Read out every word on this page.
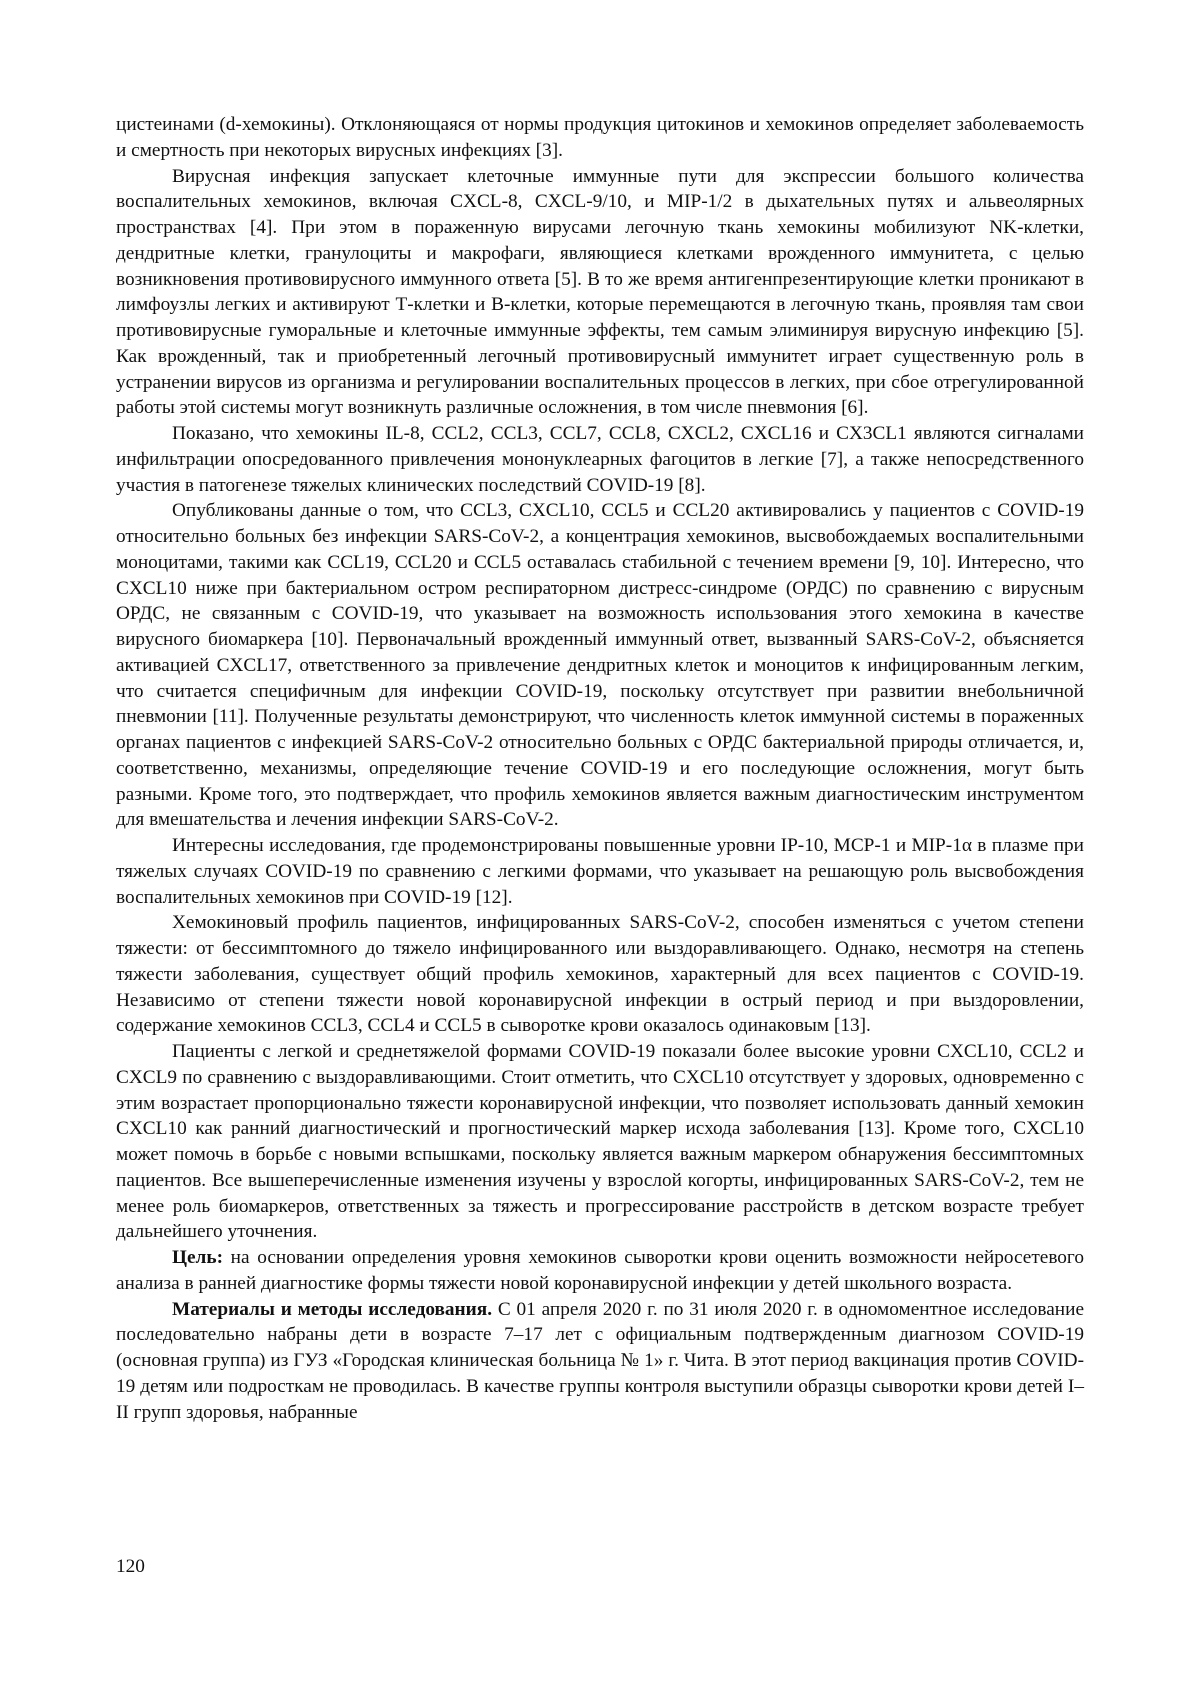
цистеинами (d-хемокины). Отклоняющаяся от нормы продукция цитокинов и хемокинов определяет заболеваемость и смертность при некоторых вирусных инфекциях [3].

Вирусная инфекция запускает клеточные иммунные пути для экспрессии большого количества воспалительных хемокинов, включая CXCL-8, CXCL-9/10, и MIP-1/2 в дыхательных путях и альвеолярных пространствах [4]. При этом в пораженную вирусами легочную ткань хемокины мобилизуют NK-клетки, дендритные клетки, гранулоциты и макрофаги, являющиеся клетками врожденного иммунитета, с целью возникновения противовирусного иммунного ответа [5]. В то же время антигенпрезентирующие клетки проникают в лимфоузлы легких и активируют Т-клетки и В-клетки, которые перемещаются в легочную ткань, проявляя там свои противовирусные гуморальные и клеточные иммунные эффекты, тем самым элиминируя вирусную инфекцию [5]. Как врожденный, так и приобретенный легочный противовирусный иммунитет играет существенную роль в устранении вирусов из организма и регулировании воспалительных процессов в легких, при сбое отрегулированной работы этой системы могут возникнуть различные осложнения, в том числе пневмония [6].

Показано, что хемокины IL-8, CCL2, CCL3, CCL7, CCL8, CXCL2, CXCL16 и CX3CL1 являются сигналами инфильтрации опосредованного привлечения мононуклеарных фагоцитов в легкие [7], а также непосредственного участия в патогенезе тяжелых клинических последствий COVID-19 [8].

Опубликованы данные о том, что CCL3, CXCL10, CCL5 и CCL20 активировались у пациентов с COVID-19 относительно больных без инфекции SARS-CoV-2, а концентрация хемокинов, высвобождаемых воспалительными моноцитами, такими как CCL19, CCL20 и CCL5 оставалась стабильной с течением времени [9, 10]. Интересно, что CXCL10 ниже при бактериальном остром респираторном дистресс-синдроме (ОРДС) по сравнению с вирусным ОРДС, не связанным с COVID-19, что указывает на возможность использования этого хемокина в качестве вирусного биомаркера [10]. Первоначальный врожденный иммунный ответ, вызванный SARS-CoV-2, объясняется активацией CXCL17, ответственного за привлечение дендритных клеток и моноцитов к инфицированным легким, что считается специфичным для инфекции COVID-19, поскольку отсутствует при развитии внебольничной пневмонии [11]. Полученные результаты демонстрируют, что численность клеток иммунной системы в пораженных органах пациентов с инфекцией SARS-CoV-2 относительно больных с ОРДС бактериальной природы отличается, и, соответственно, механизмы, определяющие течение COVID-19 и его последующие осложнения, могут быть разными. Кроме того, это подтверждает, что профиль хемокинов является важным диагностическим инструментом для вмешательства и лечения инфекции SARS-CoV-2.

Интересны исследования, где продемонстрированы повышенные уровни IP-10, MCP-1 и MIP-1α в плазме при тяжелых случаях COVID-19 по сравнению с легкими формами, что указывает на решающую роль высвобождения воспалительных хемокинов при COVID-19 [12].

Хемокиновый профиль пациентов, инфицированных SARS-CoV-2, способен изменяться с учетом степени тяжести: от бессимптомного до тяжело инфицированного или выздоравливающего. Однако, несмотря на степень тяжести заболевания, существует общий профиль хемокинов, характерный для всех пациентов с COVID-19. Независимо от степени тяжести новой коронавирусной инфекции в острый период и при выздоровлении, содержание хемокинов CCL3, CCL4 и CCL5 в сыворотке крови оказалось одинаковым [13].

Пациенты с легкой и среднетяжелой формами COVID-19 показали более высокие уровни CXCL10, CCL2 и CXCL9 по сравнению с выздоравливающими. Стоит отметить, что CXCL10 отсутствует у здоровых, одновременно с этим возрастает пропорционально тяжести коронавирусной инфекции, что позволяет использовать данный хемокин CXCL10 как ранний диагностический и прогностический маркер исхода заболевания [13]. Кроме того, CXCL10 может помочь в борьбе с новыми вспышками, поскольку является важным маркером обнаружения бессимптомных пациентов. Все вышеперечисленные изменения изучены у взрослой когорты, инфицированных SARS-CoV-2, тем не менее роль биомаркеров, ответственных за тяжесть и прогрессирование расстройств в детском возрасте требует дальнейшего уточнения.

Цель: на основании определения уровня хемокинов сыворотки крови оценить возможности нейросетевого анализа в ранней диагностике формы тяжести новой коронавирусной инфекции у детей школьного возраста.

Материалы и методы исследования. С 01 апреля 2020 г. по 31 июля 2020 г. в одномоментное исследование последовательно набраны дети в возрасте 7–17 лет с официальным подтвержденным диагнозом COVID-19 (основная группа) из ГУЗ «Городская клиническая больница № 1» г. Чита. В этот период вакцинация против COVID-19 детям или подросткам не проводилась. В качестве группы контроля выступили образцы сыворотки крови детей I–II групп здоровья, набранные

120
